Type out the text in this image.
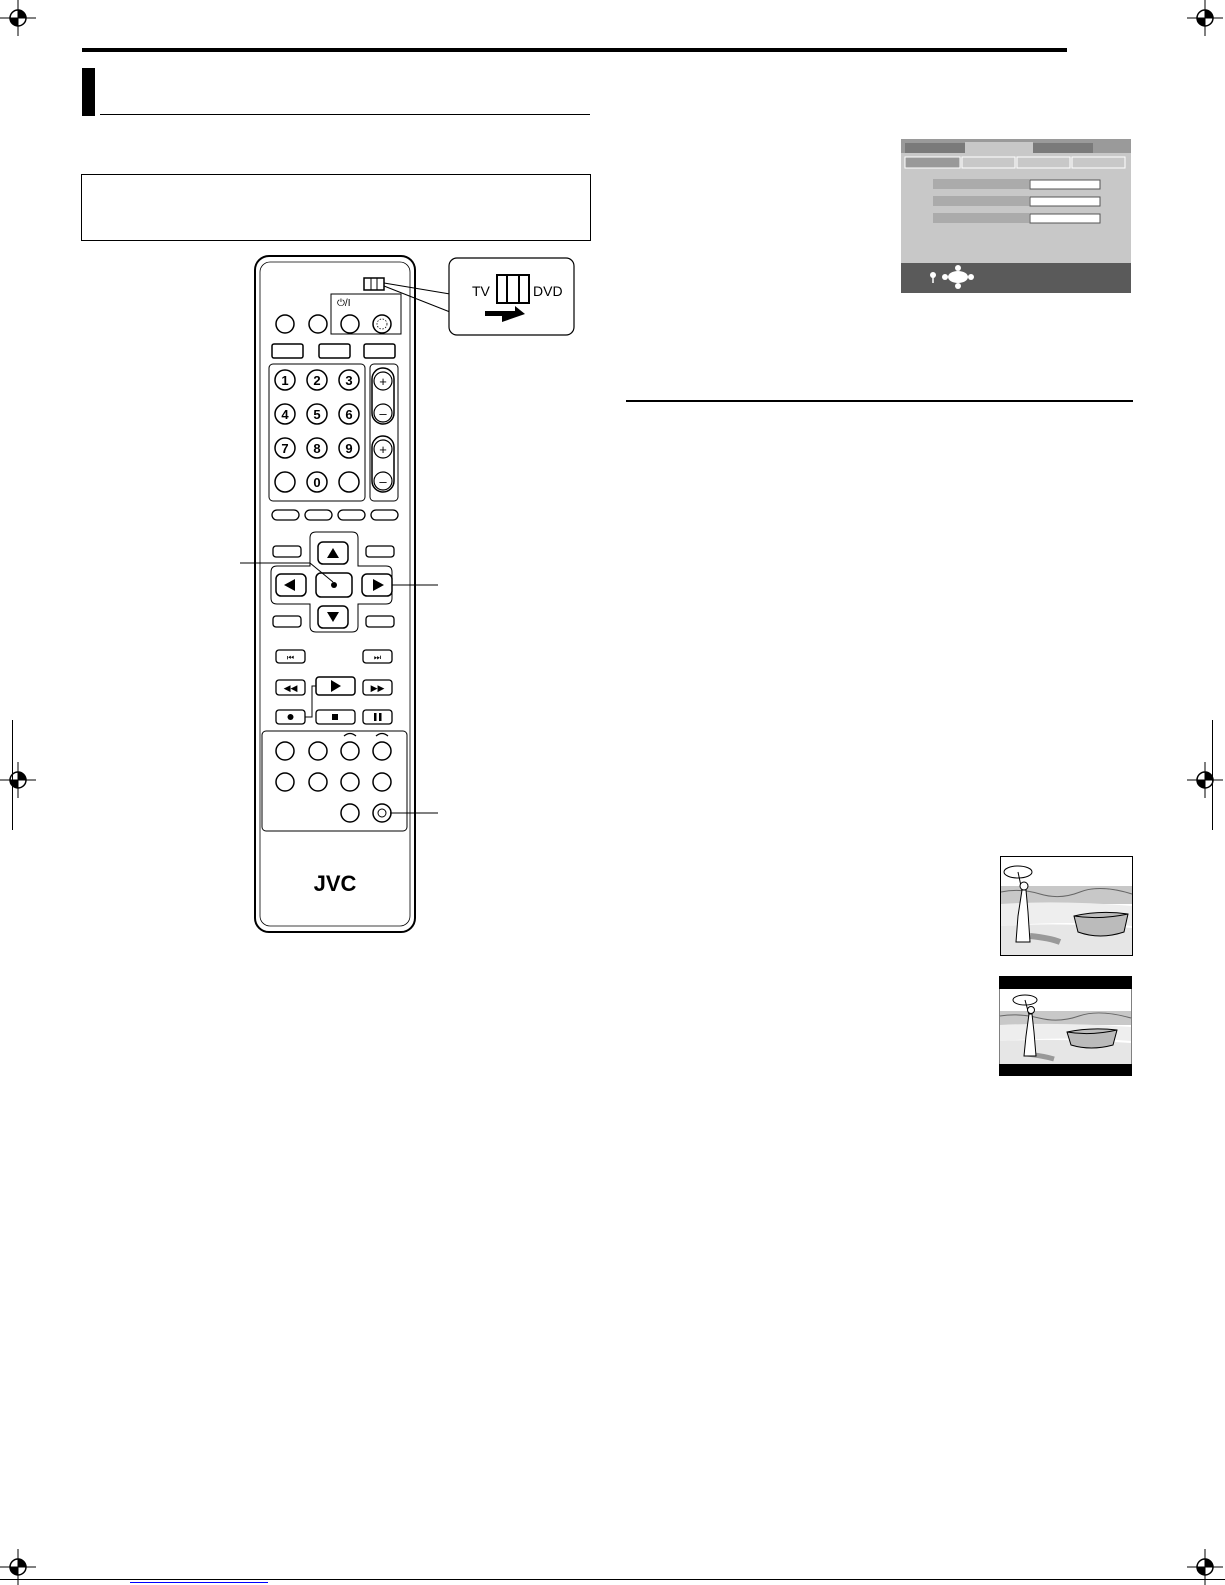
⏻/I
1 2 3
4 5 6
7 8 9
0
+
–
+
–
⏮	⏭
◀◀	▶▶
JVC
TV	DVD
